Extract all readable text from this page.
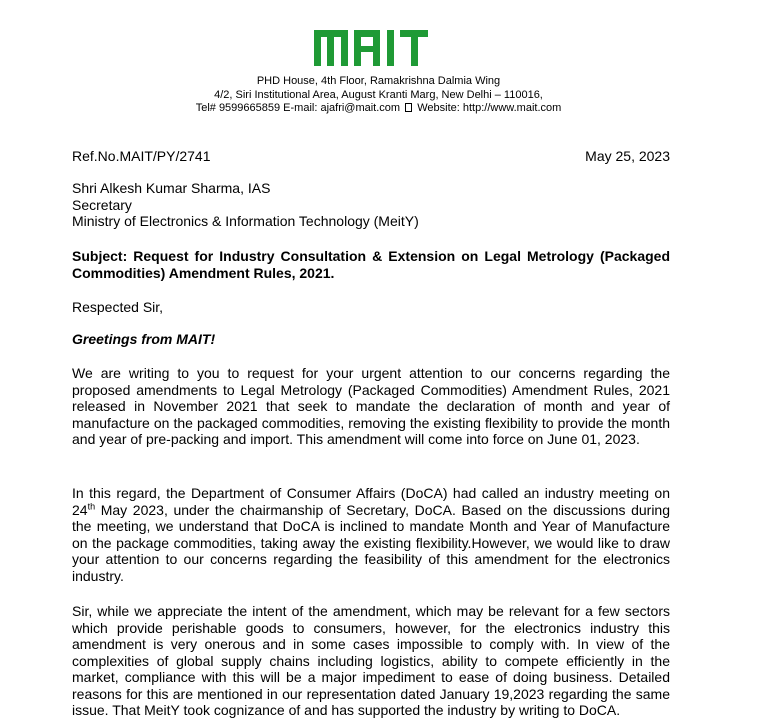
PHD House, 4th Floor, Ramakrishna Dalmia Wing
4/2, Siri Institutional Area, August Kranti Marg, New Delhi – 110016,
Tel# 9599665859 E-mail: ajafri@mait.com Website: http://www.mait.com
Ref.No.MAIT/PY/2741	May 25, 2023
Shri Alkesh Kumar Sharma, IAS
Secretary
Ministry of Electronics & Information Technology (MeitY)
Subject: Request for Industry Consultation & Extension on Legal Metrology (Packaged Commodities) Amendment Rules, 2021.
Respected Sir,
Greetings from MAIT!
We are writing to you to request for your urgent attention to our concerns regarding the proposed amendments to Legal Metrology (Packaged Commodities) Amendment Rules, 2021 released in November 2021 that seek to mandate the declaration of month and year of manufacture on the packaged commodities, removing the existing flexibility to provide the month and year of pre-packing and import. This amendment will come into force on June 01, 2023.
In this regard, the Department of Consumer Affairs (DoCA) had called an industry meeting on 24th May 2023, under the chairmanship of Secretary, DoCA. Based on the discussions during the meeting, we understand that DoCA is inclined to mandate Month and Year of Manufacture on the package commodities, taking away the existing flexibility.However, we would like to draw your attention to our concerns regarding the feasibility of this amendment for the electronics industry.
Sir, while we appreciate the intent of the amendment, which may be relevant for a few sectors which provide perishable goods to consumers, however, for the electronics industry this amendment is very onerous and in some cases impossible to comply with. In view of the complexities of global supply chains including logistics, ability to compete efficiently in the market, compliance with this will be a major impediment to ease of doing business. Detailed reasons for this are mentioned in our representation dated January 19,2023 regarding the same issue. That MeitY took cognizance of and has supported the industry by writing to DoCA.
